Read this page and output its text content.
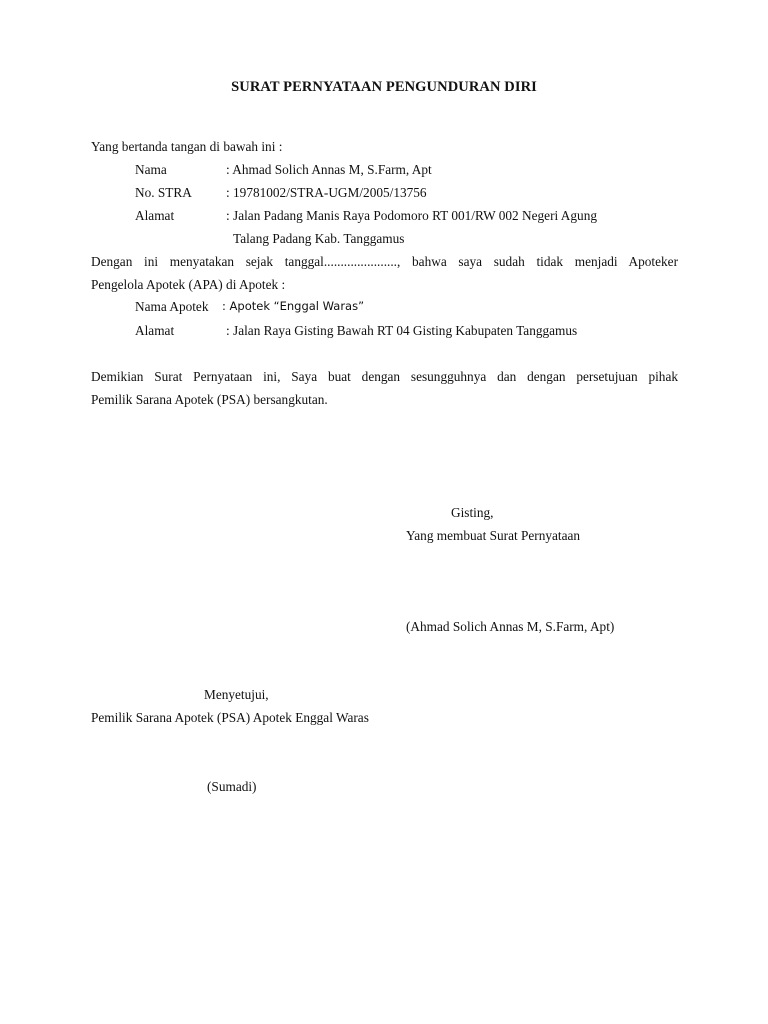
SURAT PERNYATAAN PENGUNDURAN DIRI
Yang bertanda tangan di bawah ini :
Nama	: Ahmad Solich Annas M, S.Farm, Apt
No. STRA	: 19781002/STRA-UGM/2005/13756
Alamat	: Jalan Padang Manis Raya Podomoro RT 001/RW 002 Negeri Agung
Talang Padang Kab. Tanggamus
Dengan ini menyatakan sejak tanggal......................, bahwa saya sudah tidak menjadi Apoteker
Pengelola Apotek (APA) di Apotek :
Nama Apotek : Apotek “Enggal Waras”
Alamat	: Jalan Raya Gisting Bawah RT 04 Gisting Kabupaten Tanggamus
Demikian Surat Pernyataan ini, Saya buat dengan sesungguhnya dan dengan persetujuan pihak
Pemilik Sarana Apotek (PSA) bersangkutan.
Gisting,
Yang membuat Surat Pernyataan
(Ahmad Solich Annas M, S.Farm, Apt)
Menyetujui,
Pemilik Sarana Apotek (PSA) Apotek Enggal Waras
(Sumadi)
